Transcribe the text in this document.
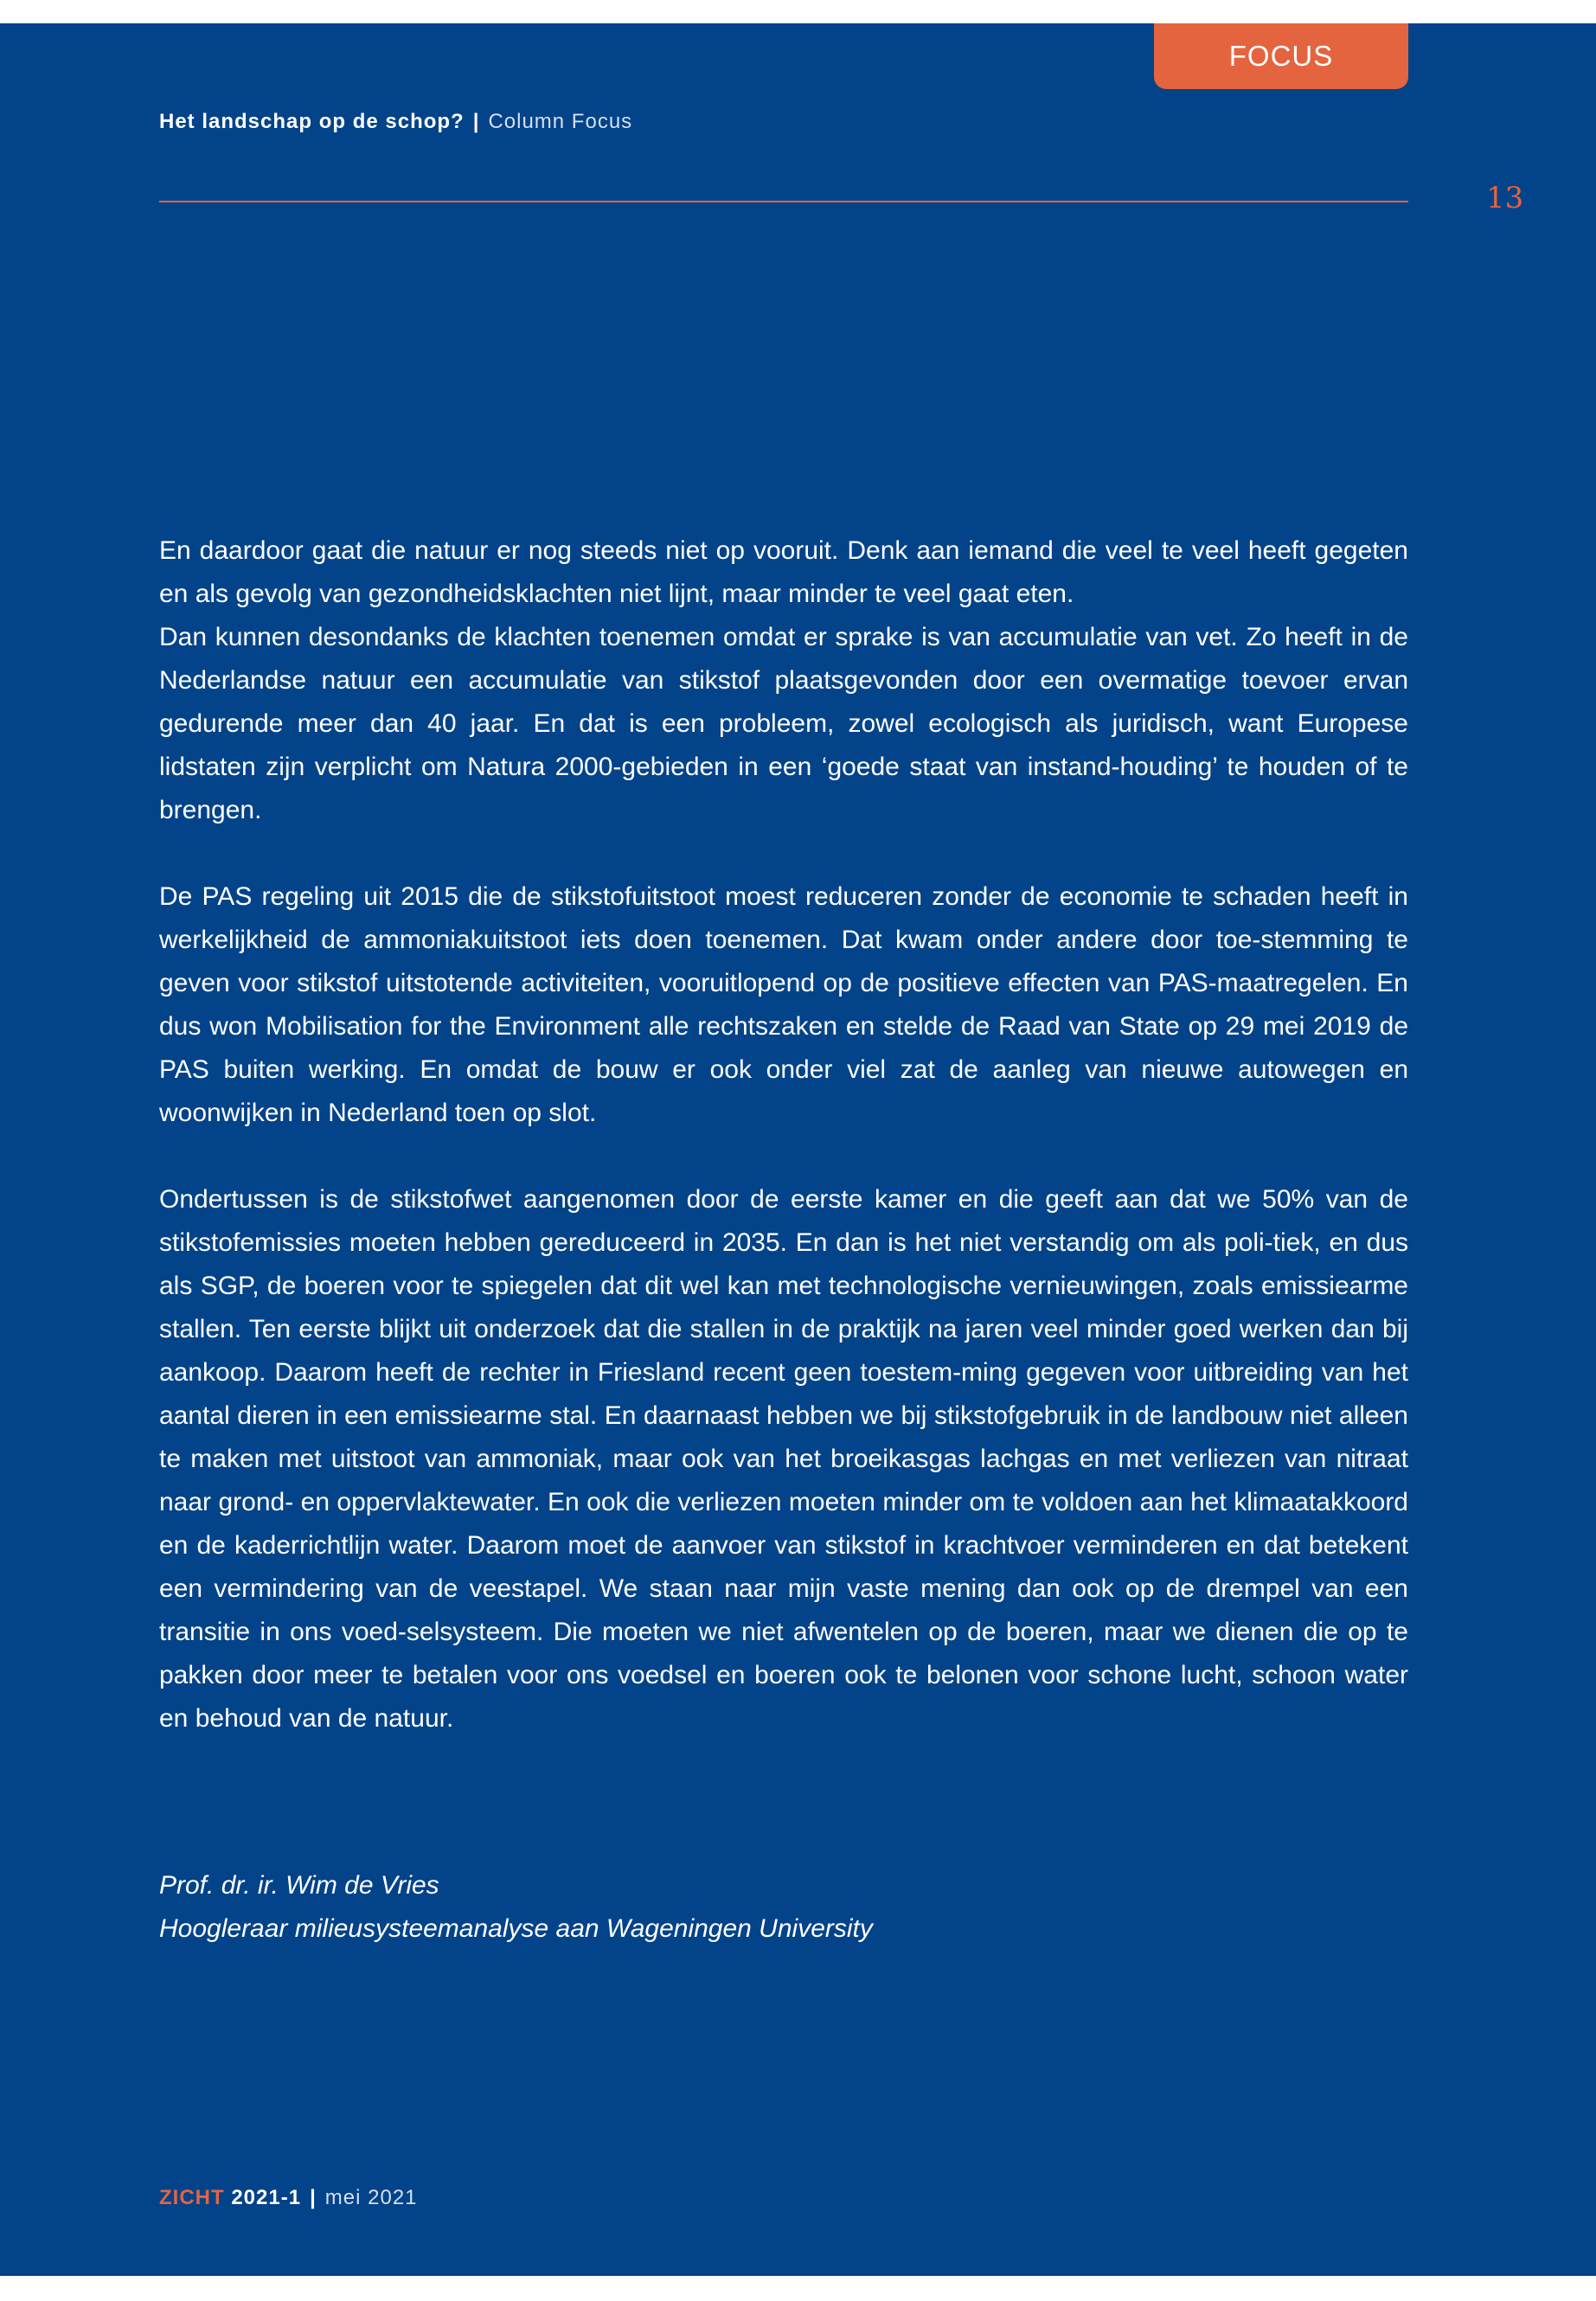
FOCUS
Het landschap op de schop? | Column Focus
13

En daardoor gaat die natuur er nog steeds niet op vooruit. Denk aan iemand die veel te veel heeft gegeten en als gevolg van gezondheidsklachten niet lijnt, maar minder te veel gaat eten.
Dan kunnen desondanks de klachten toenemen omdat er sprake is van accumulatie van vet. Zo heeft in de Nederlandse natuur een accumulatie van stikstof plaatsgevonden door een overmatige toevoer ervan gedurende meer dan 40 jaar. En dat is een probleem, zowel ecologisch als juridisch, want Europese lidstaten zijn verplicht om Natura 2000-gebieden in een ‘goede staat van instand-houding’ te houden of te brengen.

De PAS regeling uit 2015 die de stikstofuitstoot moest reduceren zonder de economie te schaden heeft in werkelijkheid de ammoniakuitstoot iets doen toenemen. Dat kwam onder andere door toe-stemming te geven voor stikstof uitstotende activiteiten, vooruitlopend op de positieve effecten van PAS-maatregelen. En dus won Mobilisation for the Environment alle rechtszaken en stelde de Raad van State op 29 mei 2019 de PAS buiten werking. En omdat de bouw er ook onder viel zat de aanleg van nieuwe autowegen en woonwijken in Nederland toen op slot.

Ondertussen is de stikstofwet aangenomen door de eerste kamer en die geeft aan dat we 50% van de stikstofemissies moeten hebben gereduceerd in 2035. En dan is het niet verstandig om als poli-tiek, en dus als SGP, de boeren voor te spiegelen dat dit wel kan met technologische vernieuwingen, zoals emissiearme stallen. Ten eerste blijkt uit onderzoek dat die stallen in de praktijk na jaren veel minder goed werken dan bij aankoop. Daarom heeft de rechter in Friesland recent geen toestem-ming gegeven voor uitbreiding van het aantal dieren in een emissiearme stal. En daarnaast hebben we bij stikstofgebruik in de landbouw niet alleen te maken met uitstoot van ammoniak, maar ook van het broeikasgas lachgas en met verliezen van nitraat naar grond- en oppervlaktewater. En ook die verliezen moeten minder om te voldoen aan het klimaatakkoord en de kaderrichtlijn water. Daarom moet de aanvoer van stikstof in krachtvoer verminderen en dat betekent een vermindering van de veestapel. We staan naar mijn vaste mening dan ook op de drempel van een transitie in ons voed-selsysteem. Die moeten we niet afwentelen op de boeren, maar we dienen die op te pakken door meer te betalen voor ons voedsel en boeren ook te belonen voor schone lucht, schoon water en behoud van de natuur.

Prof. dr. ir. Wim de Vries
Hoogleraar milieusysteemanalyse aan Wageningen University
ZICHT 2021-1 | mei 2021
